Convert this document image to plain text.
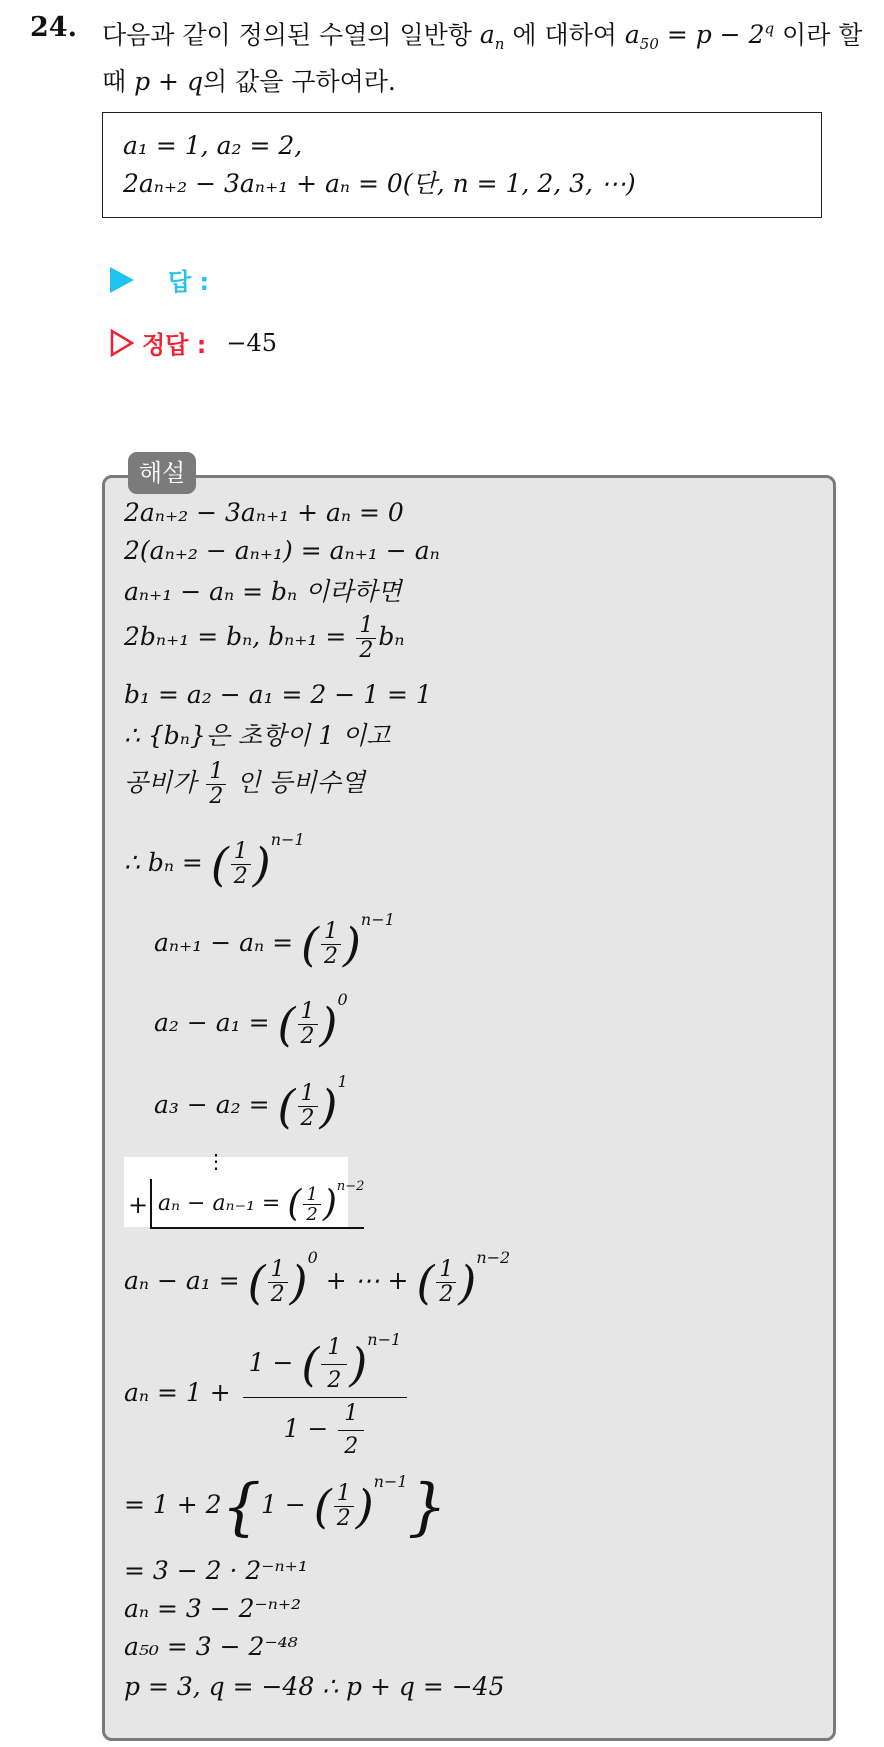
24. 다음과 같이 정의된 수열의 일반항 $a_n$ 에 대하여 $a_{50} = p - 2^q$ 이라 할 때 p + q의 값을 구하여라.
a₁ = 1, a₂ = 2,
2aₙ₊₂ − 3aₙ₊₁ + aₙ = 0(단, n = 1, 2, 3, ⋯)
답 :
정답 : −45
해설
2aₙ₊₂ − 3aₙ₊₁ + aₙ = 0
2(aₙ₊₂ − aₙ₊₁) = aₙ₊₁ − aₙ
aₙ₊₁ − aₙ = bₙ 이라하면
2bₙ₊₁ = bₙ, $b_{n+1} = \frac{1}{2}$ bₙ
b₁ = a₂ − a₁ = 2 − 1 = 1
∴ {bₙ}은 초항이 1 이고
공비가 $\frac{1}{2}$ 인 등비수열
∴ bₙ = ( $\frac{1}{2} )^{n-1}$
aₙ₊₁ − aₙ = ( $\frac{1}{2} )^{n-1}$
a₂ − a₁ = ( $\frac{1}{2} )^0$
a₃ − a₂ = ( $\frac{1}{2} )^1$
⋮
+ aₙ − aₙ₋₁ = ( $\frac{1}{2} )^{n-2}$
aₙ − a₁ = ( $\frac{1}{2} )^0$ + ⋯ + ( $\frac{1}{2} )^{n-2}$
$a_n = 1 + \frac{1 - ( \frac{1}{2} )^{n-1}}{1 - \frac{1}{2}}$
= 1 + 2{1 − ( $\frac{1}{2} )^{n-1}$}
= 3 − 2 · 2⁻ⁿ⁺¹
aₙ = 3 − 2⁻ⁿ⁺²
a₅₀ = 3 − 2⁻⁴⁸
p = 3, q = −48 ∴ p + q = −45
